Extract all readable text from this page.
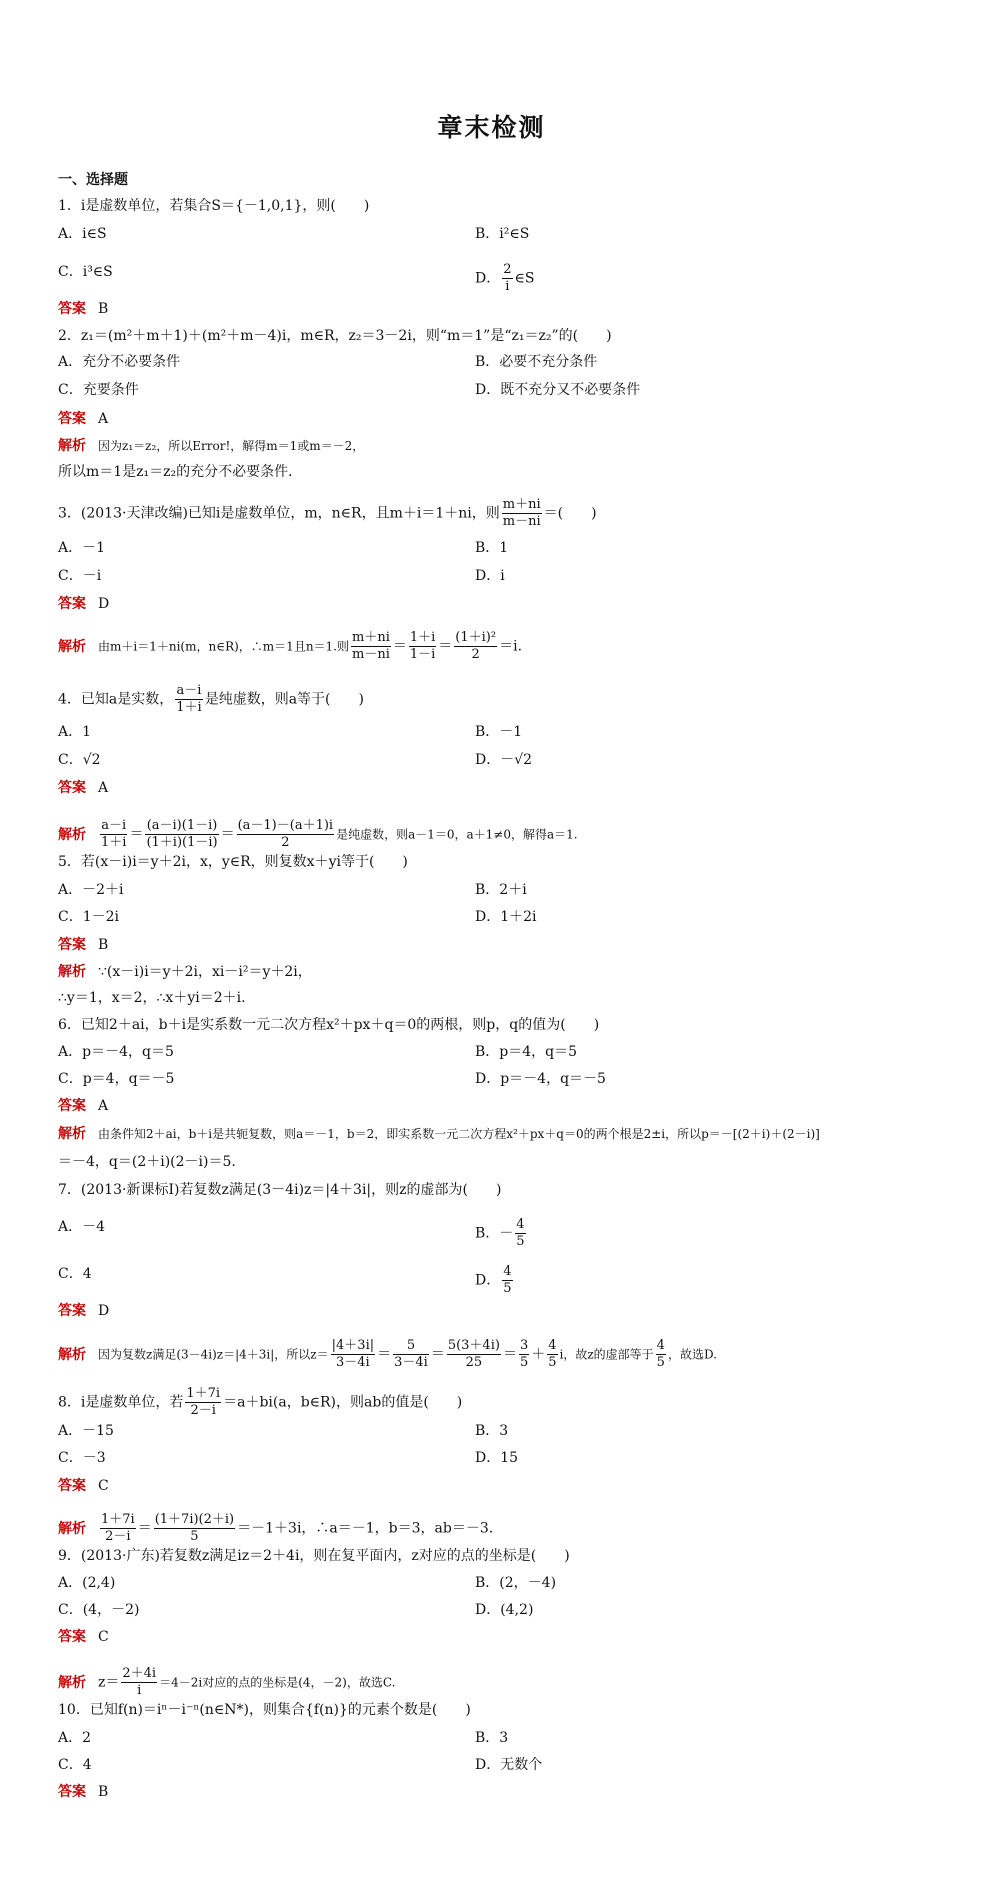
章末检测
一、选择题
1．i是虚数单位，若集合S＝{－1,0,1}，则(　　)
A．i∈S	B．i²∈S
C．i³∈S	D． $\frac{2}{i}$ ∈S
答案 B
2．z₁＝(m²＋m＋1)＋(m²＋m－4)i，m∈R，z₂＝3－2i，则“m＝1”是“z₁＝z₂”的(　　)
A．充分不必要条件	B．必要不充分条件
C．充要条件	D．既不充分又不必要条件
答案 A
解析 因为z₁＝z₂，所以Error!，解得m＝1或m＝－2，
所以m＝1是z₁＝z₂的充分不必要条件．
3．(2013·天津改编)已知i是虚数单位，m，n∈R，且m＋i＝1＋ni，则 $\frac{m+ni}{m-ni}$ ＝(　　)
A．－1	B．1
C．－i	D．i
答案 D
解析 由m＋i＝1＋ni(m，n∈R)，∴m＝1且n＝1.则 $\frac{m+ni}{m-ni} = \frac{1+i}{1-i} = \frac{\text{(1＋i)²}}{2} =i$.
4．已知a是实数， $\frac{a-i}{1+i}$ 是纯虚数，则a等于(　　)
A．1	B．－1
C．√2	D．－√2
答案 A
解析 $\frac{a-i}{1+i} = \frac{(a-i)(1-i)}{(1+i)(1-i)} = \frac{(a-1)-(a+1)i}{2}$ 是纯虚数，则a－1＝0，a＋1≠0，解得a＝1.
5．若(x－i)i＝y＋2i，x，y∈R，则复数x＋yi等于(　　)
A．－2＋i	B．2＋i
C．1－2i	D．1＋2i
答案 B
解析 ∵(x－i)i＝y＋2i，xi－i²＝y＋2i，
∴y＝1，x＝2，∴x＋yi＝2＋i.
6．已知2＋ai，b＋i是实系数一元二次方程x²＋px＋q＝0的两根，则p，q的值为(　　)
A．p＝－4，q＝5	B．p＝4，q＝5
C．p＝4，q＝－5	D．p＝－4，q＝－5
答案 A
解析 由条件知2＋ai，b＋i是共轭复数，则a＝－1，b＝2，即实系数一元二次方程x²＋px＋q＝0的两个根是2±i，所以p＝－[(2＋i)＋(2－i)]
＝－4，q＝(2＋i)(2－i)＝5.
7．(2013·新课标Ⅰ)若复数z满足(3－4i)z＝|4＋3i|，则z的虚部为(　　)
A．－4	B．－ $\frac{4}{5}$
C．4	D． $\frac{4}{5}$
答案 D
解析 因为复数z满足(3－4i)z＝|4＋3i|，所以$z= \frac{|4+3i|}{3-4i} = \frac{5}{3-4i} = \frac{5(3+4i)}{25} = \frac{3}{5} + \frac{4}{5}$ i，故z的虚部等于 $\frac{4}{5}$ ，故选D.
8．i是虚数单位，若 $\frac{1+7i}{2-i} =a+bi(a$，b∈R)，则ab的值是(　　)
A．－15	B．3
C．－3	D．15
答案 C
解析 $\frac{1+7i}{2-i} = \frac{(1+7i)(2+i)}{5} =-1+3i$，∴a＝－1，b＝3，ab＝－3.
9．(2013·广东)若复数z满足iz＝2＋4i，则在复平面内，z对应的点的坐标是(　　)
A．(2,4)	B．(2，－4)
C．(4，－2)	D．(4,2)
答案 C
解析 $z= \frac{2+4i}{i} =4-2i$对应的点的坐标是(4，－2)，故选C.
10．已知f(n)＝iⁿ－i⁻ⁿ(n∈N*)，则集合{f(n)}的元素个数是(　　)
A．2	B．3
C．4	D．无数个
答案 B
